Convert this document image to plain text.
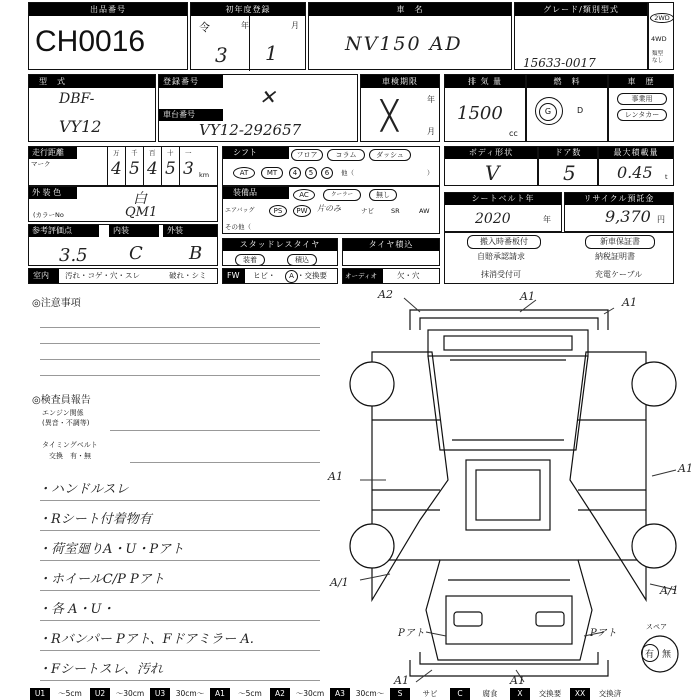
出品番号
CH0016
初年度登録
令	年	月
3 1
車　名
NV150 AD
グレード/類別型式
15633-0017
2WD
4WD
類型
なし
型　式
DBF-
VY12
登録番号
✕
車台番号
VY12-292657
車検期限
年
月
╳
排 気 量
1500
cc
燃　料
G	D
車　歴
事業用
レンタカー
走行距離
マーク
km
万
4
千
5
百
4
十
5
一
3
シフト	フロア	コラム	ダッシュ
AT	MT	4	5	6	他（	）
ボディ形状
V
ドア数
5
最大積載量
0.45 t
外 装 色	白
(カラーNo	QM1
装備品	AC	クーラー	無し
エアバッグ	PS	PW	片のみ	ナビ	SR	AW
その他（
シートベルト年
2020	年
リサイクル預託金
9,370 円
参考評価点
3.5
内装
C
外装
B	スタッドレスタイヤ
装着	積込
タイヤ積込
室内 汚れ・コゲ・穴・スレ	破れ・シミ	FW ヒビ・	A ・交換要	オーディオ	欠・穴
搬入時番板付	新車保証書
自賠承認請求	納税証明書
抹消受付可	充電ケーブル
◎注意事項
◎検査員報告
エンジン関係
(異音・不調等)
タイミングベルト
　交換　有・無
・ハンドルスレ
・Rシート付着物有
・荷室廻りA・U・Pアト
・ホイールC/P Pアト
・各 A・U・
・Rバンパー Pアト、Fドアミラー A.
・Fシートスレ、汚れ
A2	A1	A1
A1
A1
A/1
A/1
Pアト	Pアト
A1	A1
スペア
有 無
U1	〜5cm	U2	〜30cm	U3	30cm〜	A1	〜5cm	A2	〜30cm	A3	30cm〜	S	サビ	C	腐食	X	交換要	XX	交換済
